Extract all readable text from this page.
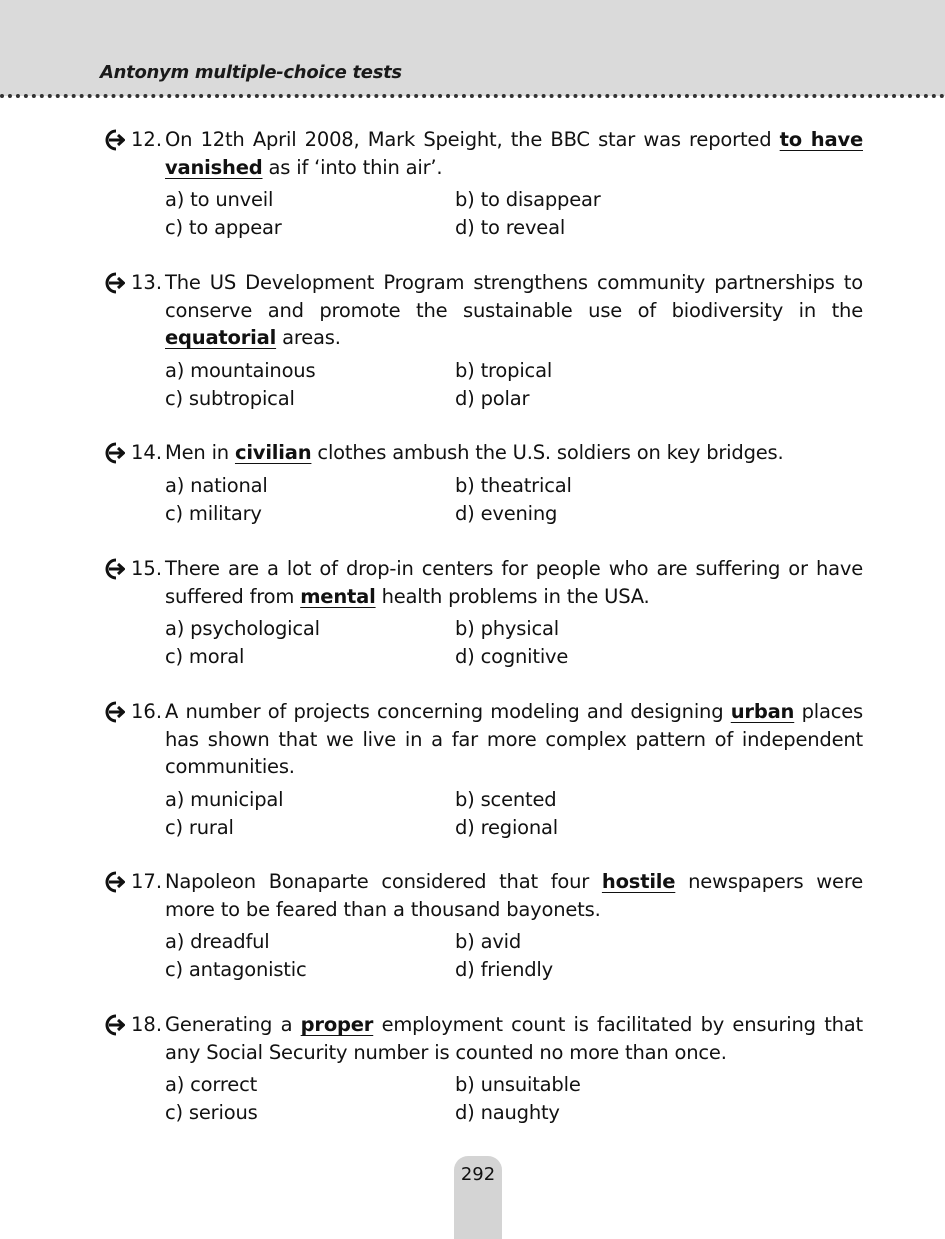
Antonym multiple-choice tests
12. On 12th April 2008, Mark Speight, the BBC star was reported to have vanished as if ‘into thin air’.
a) to unveil	b) to disappear
c) to appear	d) to reveal
13. The US Development Program strengthens community partnerships to conserve and promote the sustainable use of biodiversity in the equatorial areas.
a) mountainous	b) tropical
c) subtropical	d) polar
14. Men in civilian clothes ambush the U.S. soldiers on key bridges.
a) national	b) theatrical
c) military	d) evening
15. There are a lot of drop-in centers for people who are suffering or have suffered from mental health problems in the USA.
a) psychological	b) physical
c) moral	d) cognitive
16. A number of projects concerning modeling and designing urban places has shown that we live in a far more complex pattern of independent communities.
a) municipal	b) scented
c) rural	d) regional
17. Napoleon Bonaparte considered that four hostile newspapers were more to be feared than a thousand bayonets.
a) dreadful	b) avid
c) antagonistic	d) friendly
18. Generating a proper employment count is facilitated by ensuring that any Social Security number is counted no more than once.
a) correct	b) unsuitable
c) serious	d) naughty
292
